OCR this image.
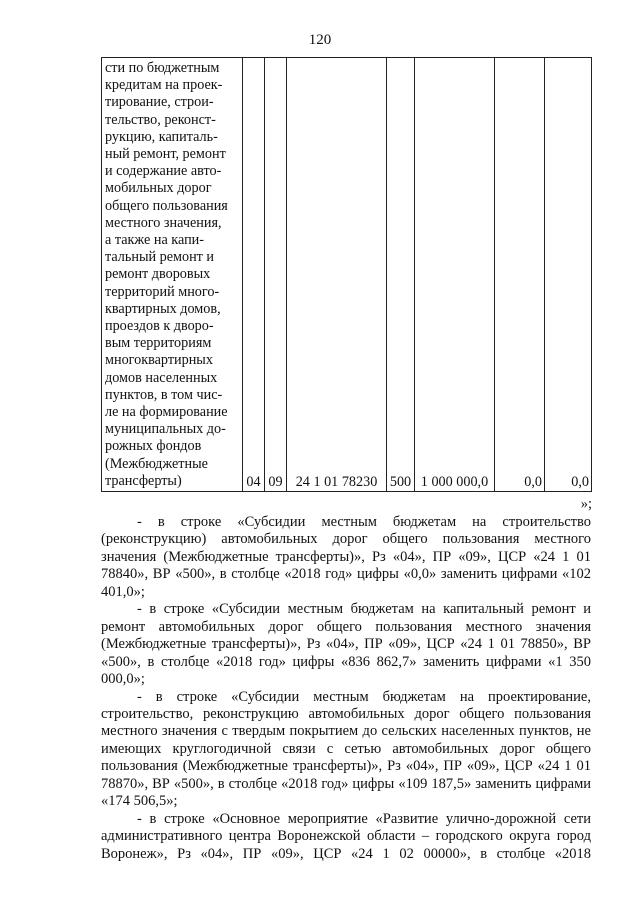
120
сти по бюджетным
кредитам на проек-
тирование, строи-
тельство, реконст-
рукцию, капиталь-
ный ремонт, ремонт
и содержание авто-
мобильных дорог
общего пользования
местного значения,
а также на капи-
тальный ремонт и
ремонт дворовых
территорий много-
квартирных домов,
проездов к дворо-
вым территориям
многоквартирных
домов населенных
пунктов, в том чис-
ле на формирование
муниципальных до-
рожных фондов
(Межбюджетные
трансферты)	04	09	24 1 01 78230	500	1 000 000,0	0,0	0,0
»;

- в строке «Субсидии местным бюджетам на строительство (реконструкцию) автомобильных дорог общего пользования местного значения (Межбюджетные трансферты)», Рз «04», ПР «09», ЦСР «24 1 01 78840», ВР «500», в столбце «2018 год» цифры «0,0» заменить цифрами «102 401,0»;

- в строке «Субсидии местным бюджетам на капитальный ремонт и ремонт автомобильных дорог общего пользования местного значения (Межбюджетные трансферты)», Рз «04», ПР «09», ЦСР «24 1 01 78850», ВР «500», в столбце «2018 год» цифры «836 862,7» заменить цифрами «1 350 000,0»;

- в строке «Субсидии местным бюджетам на проектирование, строительство, реконструкцию автомобильных дорог общего пользования местного значения с твердым покрытием до сельских населенных пунктов, не имеющих круглогодичной связи с сетью автомобильных дорог общего пользования (Межбюджетные трансферты)», Рз «04», ПР «09», ЦСР «24 1 01 78870», ВР «500», в столбце «2018 год» цифры «109 187,5» заменить цифрами «174 506,5»;

- в строке «Основное мероприятие «Развитие улично-дорожной сети административного центра Воронежской области – городского округа город Воронеж», Рз «04», ПР «09», ЦСР «24 1 02 00000», в столбце «2018
